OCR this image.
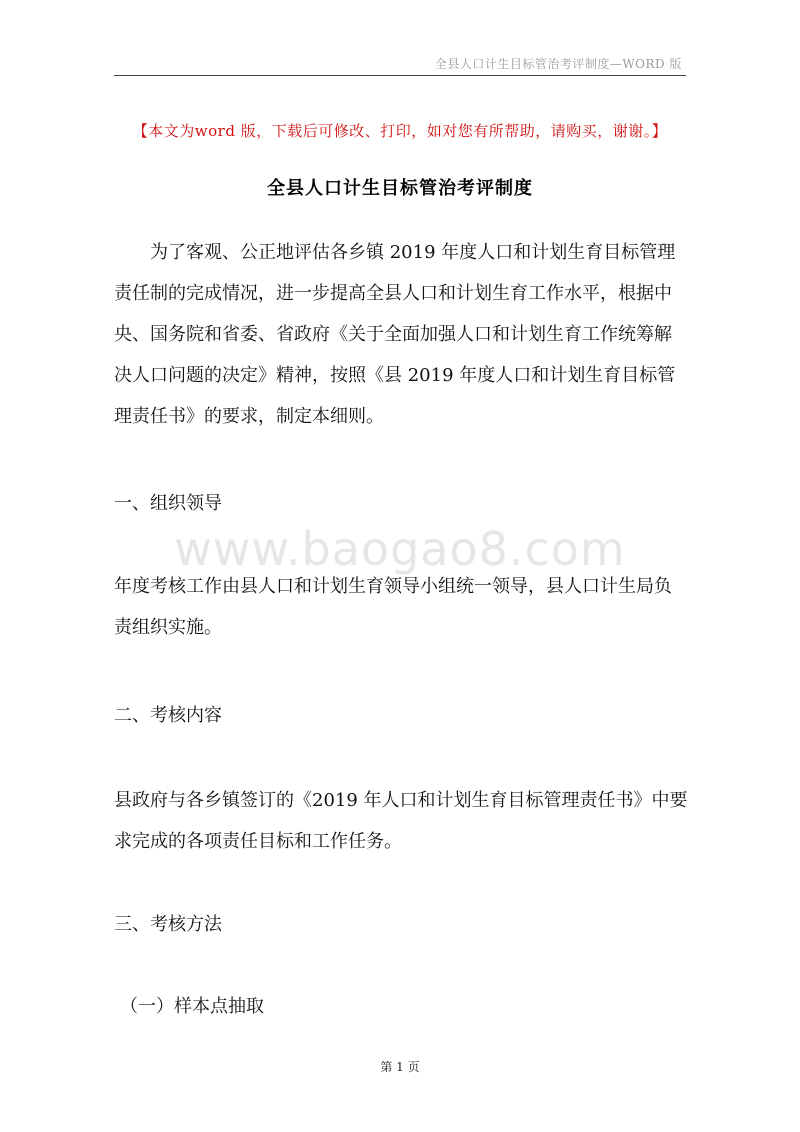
全县人口计生目标管治考评制度—WORD 版
【本文为word 版，下载后可修改、打印，如对您有所帮助，请购买，谢谢。】
全县人口计生目标管治考评制度
为了客观、公正地评估各乡镇 2019 年度人口和计划生育目标管理责任制的完成情况，进一步提高全县人口和计划生育工作水平，根据中央、国务院和省委、省政府《关于全面加强人口和计划生育工作统筹解决人口问题的决定》精神，按照《县 2019 年度人口和计划生育目标管理责任书》的要求，制定本细则。
一、组织领导
www.baogao8.com
年度考核工作由县人口和计划生育领导小组统一领导，县人口计生局负责组织实施。
二、考核内容
县政府与各乡镇签订的《2019 年人口和计划生育目标管理责任书》中要求完成的各项责任目标和工作任务。
三、考核方法
（一）样本点抽取
第 1 页
